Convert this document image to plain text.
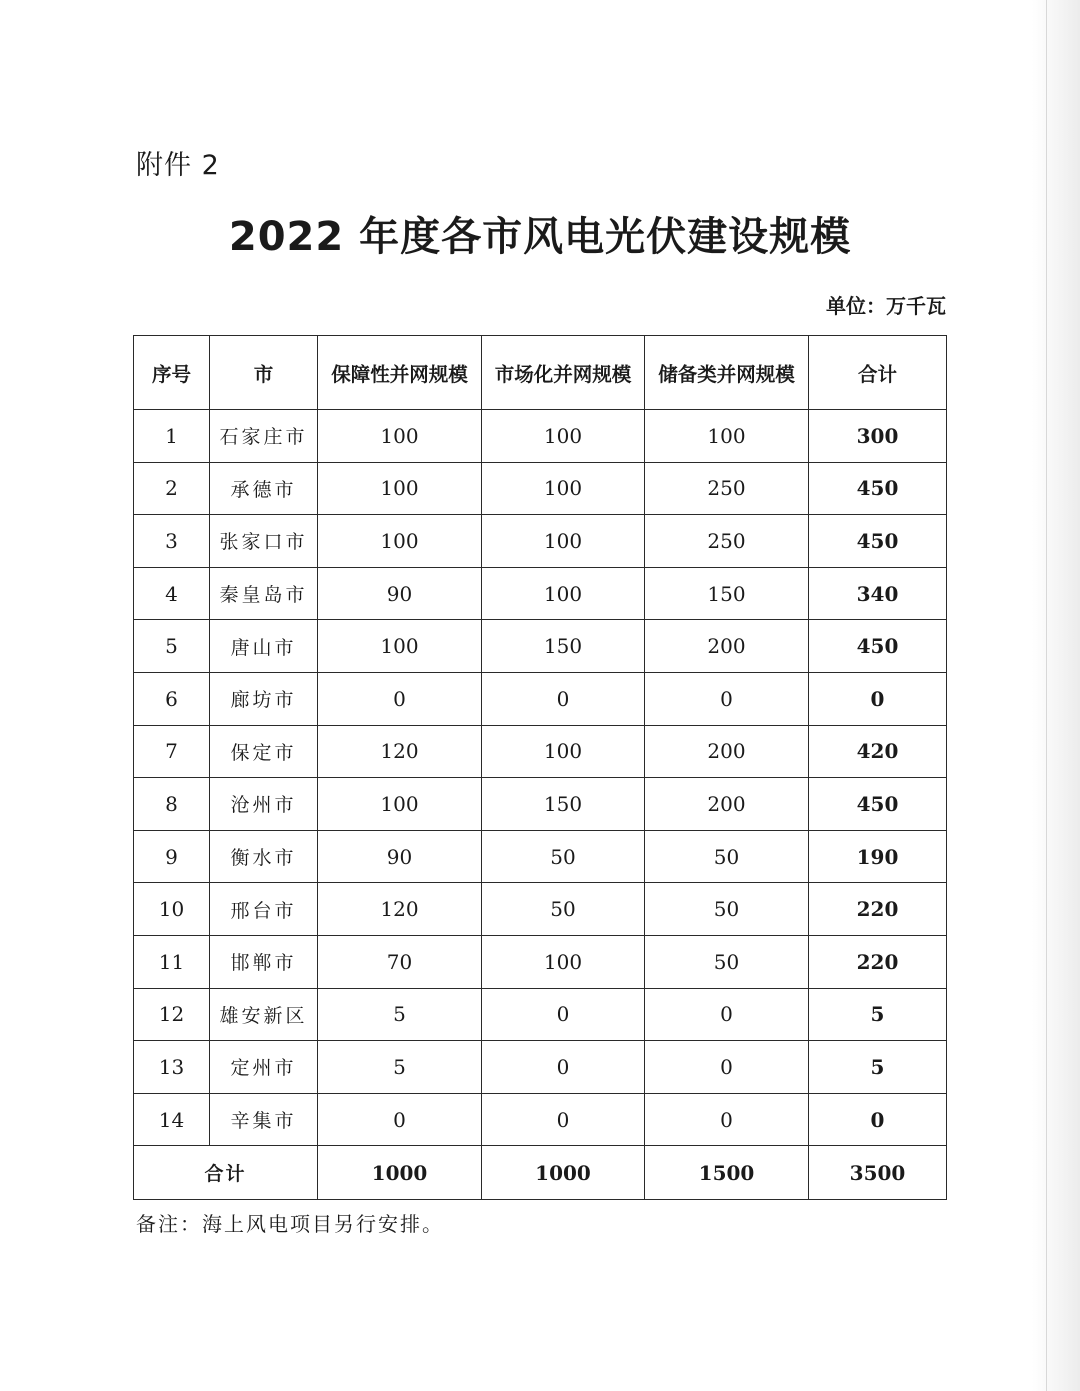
附件 2
2022 年度各市风电光伏建设规模
单位：万千瓦
序号	市	保障性并网规模	市场化并网规模	储备类并网规模	合计
1	石家庄市	100	100	100	300
2	承德市	100	100	250	450
3	张家口市	100	100	250	450
4	秦皇岛市	90	100	150	340
5	唐山市	100	150	200	450
6	廊坊市	0	0	0	0
7	保定市	120	100	200	420
8	沧州市	100	150	200	450
9	衡水市	90	50	50	190
10	邢台市	120	50	50	220
11	邯郸市	70	100	50	220
12	雄安新区	5	0	0	5
13	定州市	5	0	0	5
14	辛集市	0	0	0	0
合计		1000	1000	1500	3500
备注：海上风电项目另行安排。
